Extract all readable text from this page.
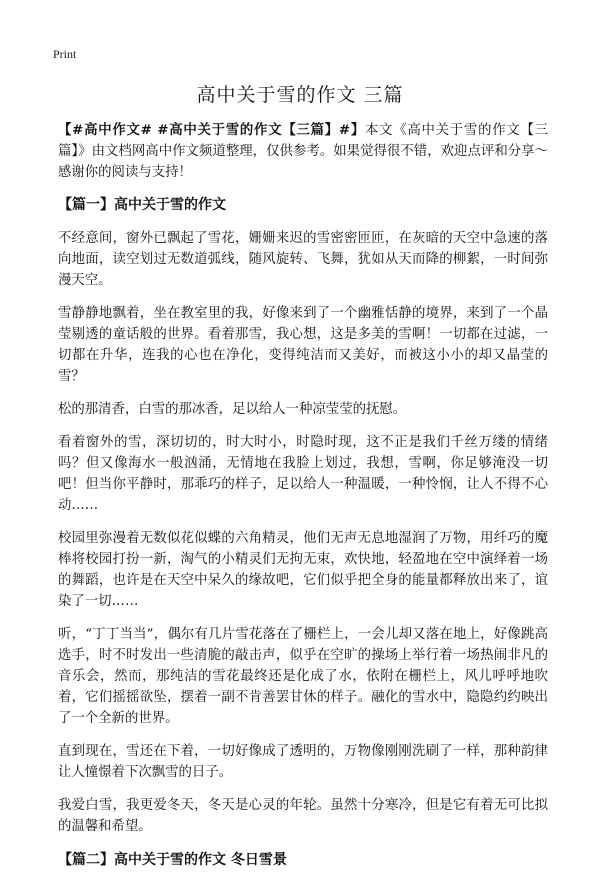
Print
高中关于雪的作文 三篇

【#高中作文# #高中关于雪的作文【三篇】#】本文《高中关于雪的作文【三篇】》由文档网高中作文频道整理，仅供参考。如果觉得很不错，欢迎点评和分享～感谢你的阅读与支持！

【篇一】高中关于雪的作文

不经意间，窗外已飘起了雪花，姗姗来迟的雪密密匝匝，在灰暗的天空中急速的落向地面，读空划过无数道弧线，随风旋转、飞舞，犹如从天而降的柳絮，一时间弥漫天空。

雪静静地飘着，坐在教室里的我，好像来到了一个幽雅恬静的境界，来到了一个晶莹剔透的童话般的世界。看着那雪，我心想，这是多美的雪啊！一切都在过滤，一切都在升华，连我的心也在净化，变得纯洁而又美好，而被这小小的却又晶莹的雪？

松的那清香，白雪的那冰香，足以给人一种凉莹莹的抚慰。

看着窗外的雪，深切切的，时大时小，时隐时现，这不正是我们千丝万缕的情绪吗？但又像海水一般汹涌，无情地在我脸上划过，我想，雪啊，你足够淹没一切吧！但当你平静时，那乖巧的样子，足以给人一种温暖，一种怜悯，让人不得不心动……

校园里弥漫着无数似花似蝶的六角精灵，他们无声无息地湿润了万物，用纤巧的魔棒将校园打扮一新，淘气的小精灵们无拘无束，欢快地，轻盈地在空中演绎着一场的舞蹈，也许是在天空中呆久的缘故吧，它们似乎把全身的能量都释放出来了，谊染了一切……

听，“丁丁当当”，偶尔有几片雪花落在了栅栏上，一会儿却又落在地上，好像跳高选手，时不时发出一些清脆的敲击声，似乎在空旷的操场上举行着一场热闹非凡的音乐会，然而，那纯洁的雪花最终还是化成了水，依附在栅栏上，风儿呼呼地吹着，它们摇摇欲坠，摆着一副不肯善罢甘休的样子。融化的雪水中，隐隐约约映出了一个全新的世界。

直到现在，雪还在下着，一切好像成了透明的，万物像刚刚洗刷了一样，那种韵律让人憧憬着下次飘雪的日子。

我爱白雪，我更爱冬天，冬天是心灵的年轮。虽然十分寒冷，但是它有着无可比拟的温馨和希望。

【篇二】高中关于雪的作文 冬日雪景
